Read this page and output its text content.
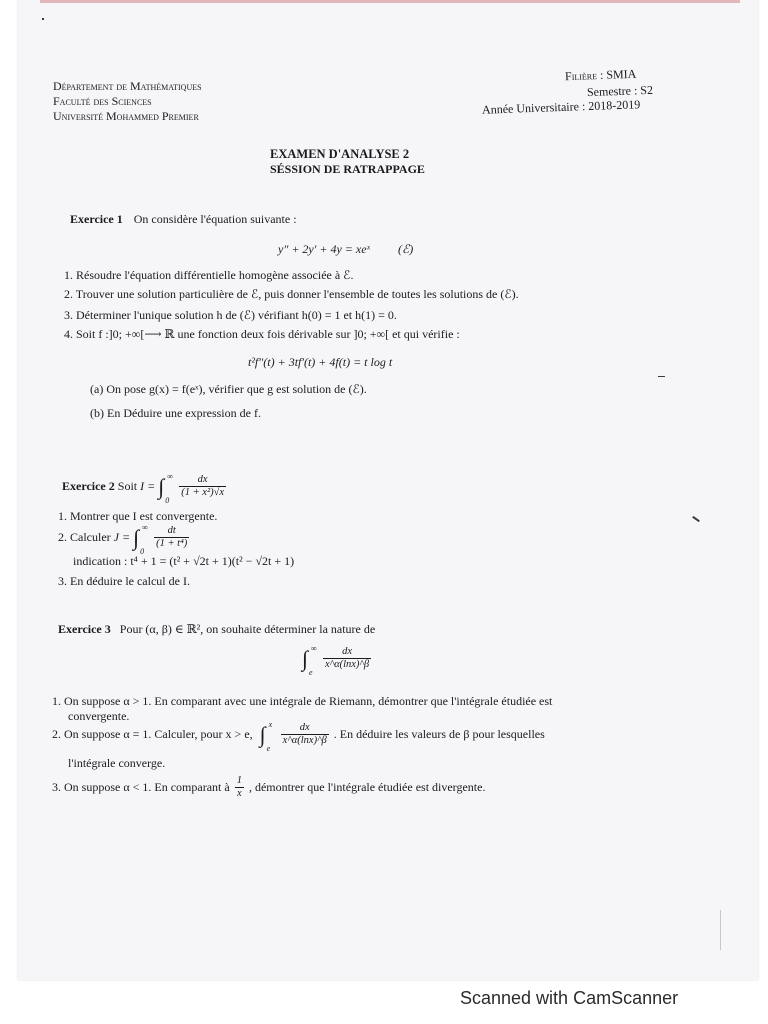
Département de Mathématiques
Faculté des Sciences
Université Mohammed Premier
Filière : SMIA
Semestre : S2
Année Universitaire : 2018-2019
EXAMEN D'ANALYSE 2
SÉSSION DE RATRAPPAGE
Exercice 1 On considère l'équation suivante :
y″ + 2y′ + 4y = xeˣ (ℰ)
1. Résoudre l'équation différentielle homogène associée à ℰ.
2. Trouver une solution particulière de ℰ, puis donner l'ensemble de toutes les solutions de (ℰ).
3. Déterminer l'unique solution h de (ℰ) vérifiant h(0) = 1 et h(1) = 0.
4. Soit f :]0; +∞[⟶ ℝ une fonction deux fois dérivable sur ]0; +∞[ et qui vérifie :
t²f″(t) + 3tf′(t) + 4f(t) = t log t
(a) On pose g(x) = f(eˣ), vérifier que g est solution de (ℰ).
(b) En Déduire une expression de f.
Exercice 2 Soit I = ∫ ∞
0

$\frac{dx}{\text{(1 + x²)√x}}$
1. Montrer que I est convergente.
2. Calculer J = ∫ ∞
0

$\frac{dt}{\text{(1 + t⁴)}}$
indication : t⁴ + 1 = (t² + √2t + 1)(t² − √2t + 1)
3. En déduire le calcul de I.
Exercice 3 Pour (α, β) ∈ ℝ², on souhaite déterminer la nature de
∫ ∞
e

$\frac{dx}{x\^{}\alpha(\ln x)\^{}\beta}$
1. On suppose α > 1. En comparant avec une intégrale de Riemann, démontrer que l'intégrale étudiée est
convergente.
2. On suppose α = 1. Calculer, pour x > e, ∫ x
e

$\frac{dx}{x\^{}\alpha(\ln x)\^{}\beta}$ . En déduire les valeurs de β pour lesquelles
l'intégrale converge.
3. On suppose α < 1. En comparant à $\frac{1}{x}$ , démontrer que l'intégrale étudiée est divergente.
Scanned with CamScanner
